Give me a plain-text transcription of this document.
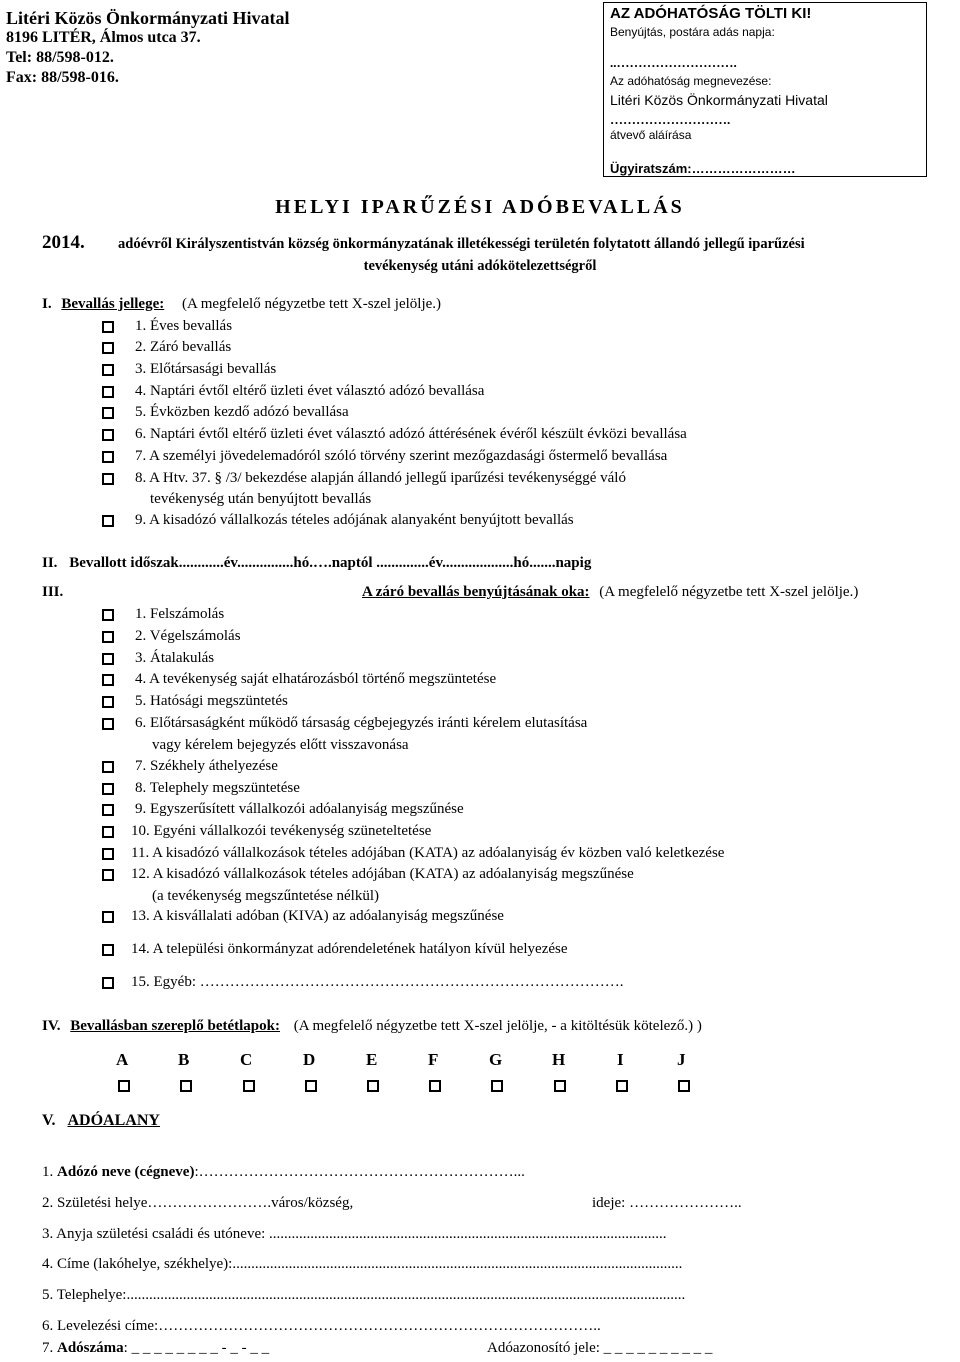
Litéri Közös Önkormányzati Hivatal
8196 LITÉR, Álmos utca 37.
Tel: 88/598-012.
Fax: 88/598-016.
AZ ADÓHATÓSÁG TÖLTI KI!
Benyújtás, postára adás napja:
..……………………….
Az adóhatóság megnevezése:
Litéri Közös Önkormányzati Hivatal
……………………….
átvevő aláírása
Ügyiratszám:……………………
HELYI IPARŰZÉSI ADÓBEVALLÁS
2014. adóévről Királyszentistván község önkormányzatának illetékességi területén folytatott állandó jellegű iparűzési
tevékenység utáni adókötelezettségről
I. Bevallás jellege: (A megfelelő négyzetbe tett X-szel jelölje.)
1. Éves bevallás
2. Záró bevallás
3. Előtársasági bevallás
4. Naptári évtől eltérő üzleti évet választó adózó bevallása
5. Évközben kezdő adózó bevallása
6. Naptári évtől eltérő üzleti évet választó adózó áttérésének évéről készült évközi bevallása
7. A személyi jövedelemadóról szóló törvény szerint mezőgazdasági őstermelő bevallása
8. A Htv. 37. § /3/ bekezdése alapján állandó jellegű iparűzési tevékenységgé váló
tevékenység után benyújtott bevallás
9. A kisadózó vállalkozás tételes adójának alanyaként benyújtott bevallás
II. Bevallott időszak............év...............hó.….naptól ..............év...................hó.......napig
III.	A záró bevallás benyújtásának oka: (A megfelelő négyzetbe tett X-szel jelölje.)
1. Felszámolás
2. Végelszámolás
3. Átalakulás
4. A tevékenység saját elhatározásból történő megszüntetése
5. Hatósági megszüntetés
6. Előtársaságként működő társaság cégbejegyzés iránti kérelem elutasítása
vagy kérelem bejegyzés előtt visszavonása
7. Székhely áthelyezése
8. Telephely megszüntetése
9. Egyszerűsített vállalkozói adóalanyiság megszűnése
10. Egyéni vállalkozói tevékenység szüneteltetése
11. A kisadózó vállalkozások tételes adójában (KATA) az adóalanyiság év közben való keletkezése
12. A kisadózó vállalkozások tételes adójában (KATA) az adóalanyiság megszűnése
(a tevékenység megszűntetése nélkül)
13. A kisvállalati adóban (KIVA) az adóalanyiság megszűnése
14. A települési önkormányzat adórendeletének hatályon kívül helyezése
15. Egyéb: ………………………………………………………………………….
IV. Bevallásban szereplő betétlapok: (A megfelelő négyzetbe tett X-szel jelölje, - a kitöltésük kötelező.) )
A	B	C	D	E	F	G	H	I	J
V. ADÓALANY
1. Adózó neve (cégneve):………………………………………………………...
2. Születési helye…………………….város/község,	ideje: …………………..
3. Anyja születési családi és utóneve: ..........................................................................................................
4. Címe (lakóhelye, székhelye):........................................................................................................................
5. Telephelye:.....................................................................................................................................................
6. Levelezési címe:……………………………………………………………………………..
7. Adószáma: _ _ _ _ _ _ _ _ - _ - _ _	Adóazonosító jele: _ _ _ _ _ _ _ _ _ _
